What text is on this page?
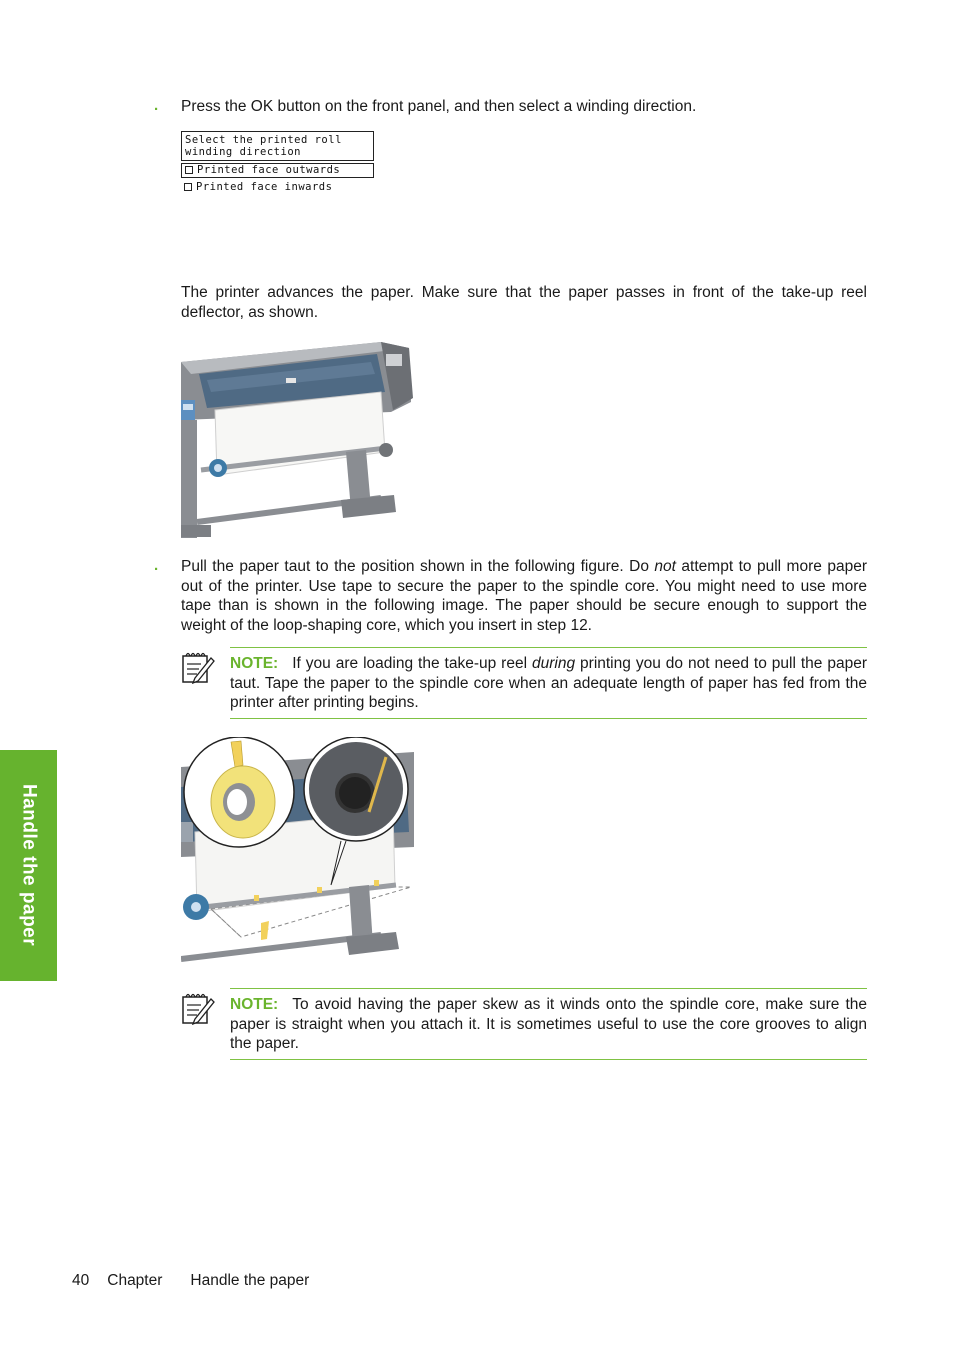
. Press the OK button on the front panel, and then select a winding direction.
Select the printed roll
winding direction
Printed face outwards
Printed face inwards
The printer advances the paper. Make sure that the paper passes in front of the take-up reel deflector, as shown.
. Pull the paper taut to the position shown in the following figure. Do not attempt to pull more paper out of the printer. Use tape to secure the paper to the spindle core. You might need to use more tape than is shown in the following image. The paper should be secure enough to support the weight of the loop-shaping core, which you insert in step 12.
NOTE: If you are loading the take-up reel during printing you do not need to pull the paper taut. Tape the paper to the spindle core when an adequate length of paper has fed from the printer after printing begins.
NOTE: To avoid having the paper skew as it winds onto the spindle core, make sure the paper is straight when you attach it. It is sometimes useful to use the core grooves to align the paper.
Handle the paper
40 Chapter Handle the paper
